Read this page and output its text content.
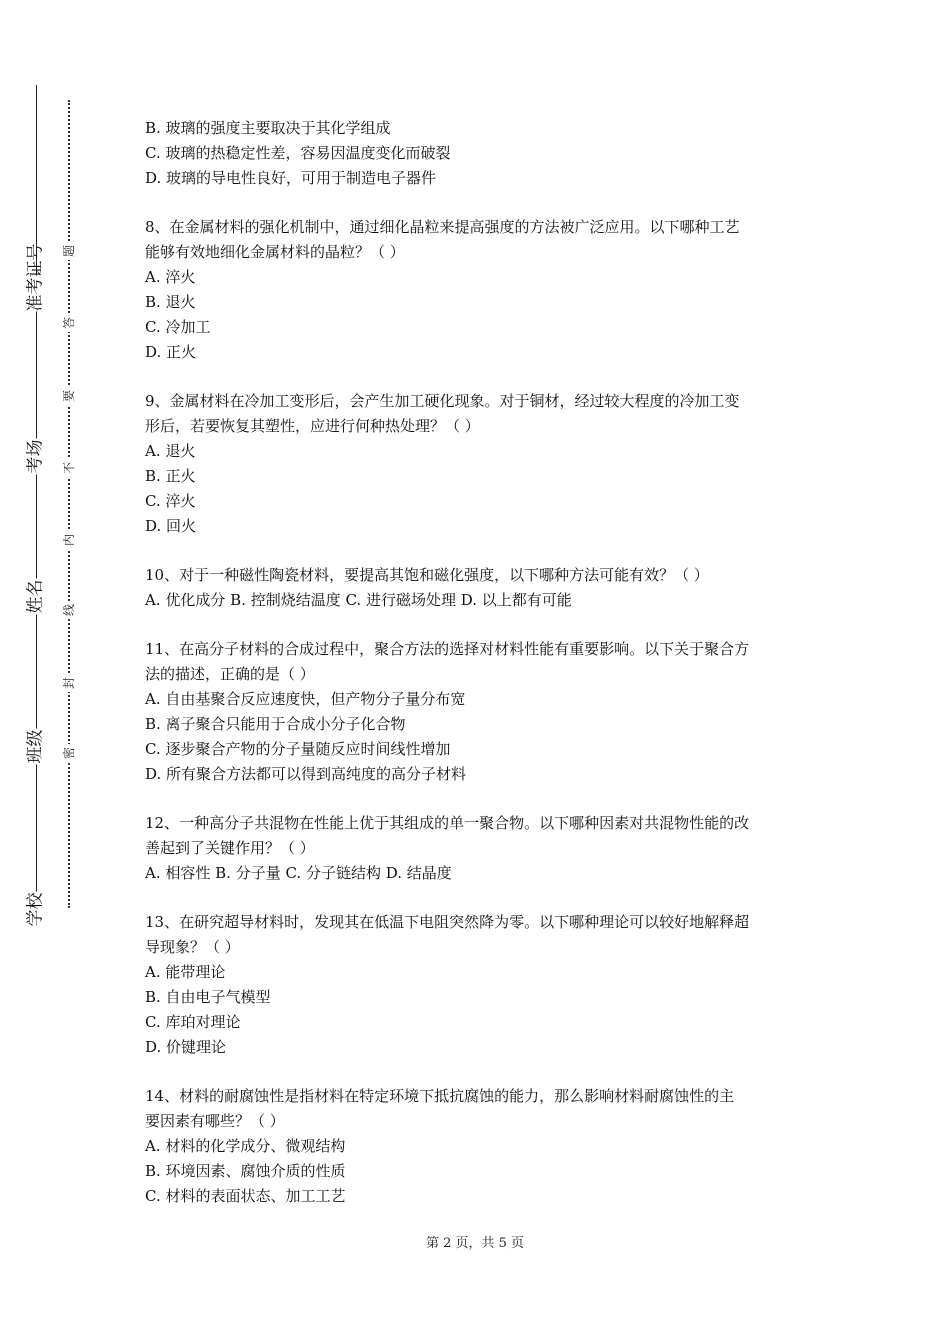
准考证号
考场
姓名
班级
学校
题
答
要
不
内
线
封
密

B. 玻璃的强度主要取决于其化学组成

C. 玻璃的热稳定性差，容易因温度变化而破裂

D. 玻璃的导电性良好，可用于制造电子器件

8、在金属材料的强化机制中，通过细化晶粒来提高强度的方法被广泛应用。以下哪种工艺

能够有效地细化金属材料的晶粒？（ ）

A. 淬火

B. 退火

C. 冷加工

D. 正火

9、金属材料在冷加工变形后，会产生加工硬化现象。对于铜材，经过较大程度的冷加工变

形后，若要恢复其塑性，应进行何种热处理？（ ）

A. 退火

B. 正火

C. 淬火

D. 回火

10、对于一种磁性陶瓷材料，要提高其饱和磁化强度，以下哪种方法可能有效？（ ）

A. 优化成分 B. 控制烧结温度 C. 进行磁场处理 D. 以上都有可能

11、在高分子材料的合成过程中，聚合方法的选择对材料性能有重要影响。以下关于聚合方

法的描述，正确的是（ ）

A. 自由基聚合反应速度快，但产物分子量分布宽

B. 离子聚合只能用于合成小分子化合物

C. 逐步聚合产物的分子量随反应时间线性增加

D. 所有聚合方法都可以得到高纯度的高分子材料

12、一种高分子共混物在性能上优于其组成的单一聚合物。以下哪种因素对共混物性能的改

善起到了关键作用？（ ）

A. 相容性 B. 分子量 C. 分子链结构 D. 结晶度

13、在研究超导材料时，发现其在低温下电阻突然降为零。以下哪种理论可以较好地解释超

导现象？（ ）

A. 能带理论

B. 自由电子气模型

C. 库珀对理论

D. 价键理论

14、材料的耐腐蚀性是指材料在特定环境下抵抗腐蚀的能力，那么影响材料耐腐蚀性的主

要因素有哪些？（ ）

A. 材料的化学成分、微观结构

B. 环境因素、腐蚀介质的性质

C. 材料的表面状态、加工工艺

第 2 页，共 5 页
